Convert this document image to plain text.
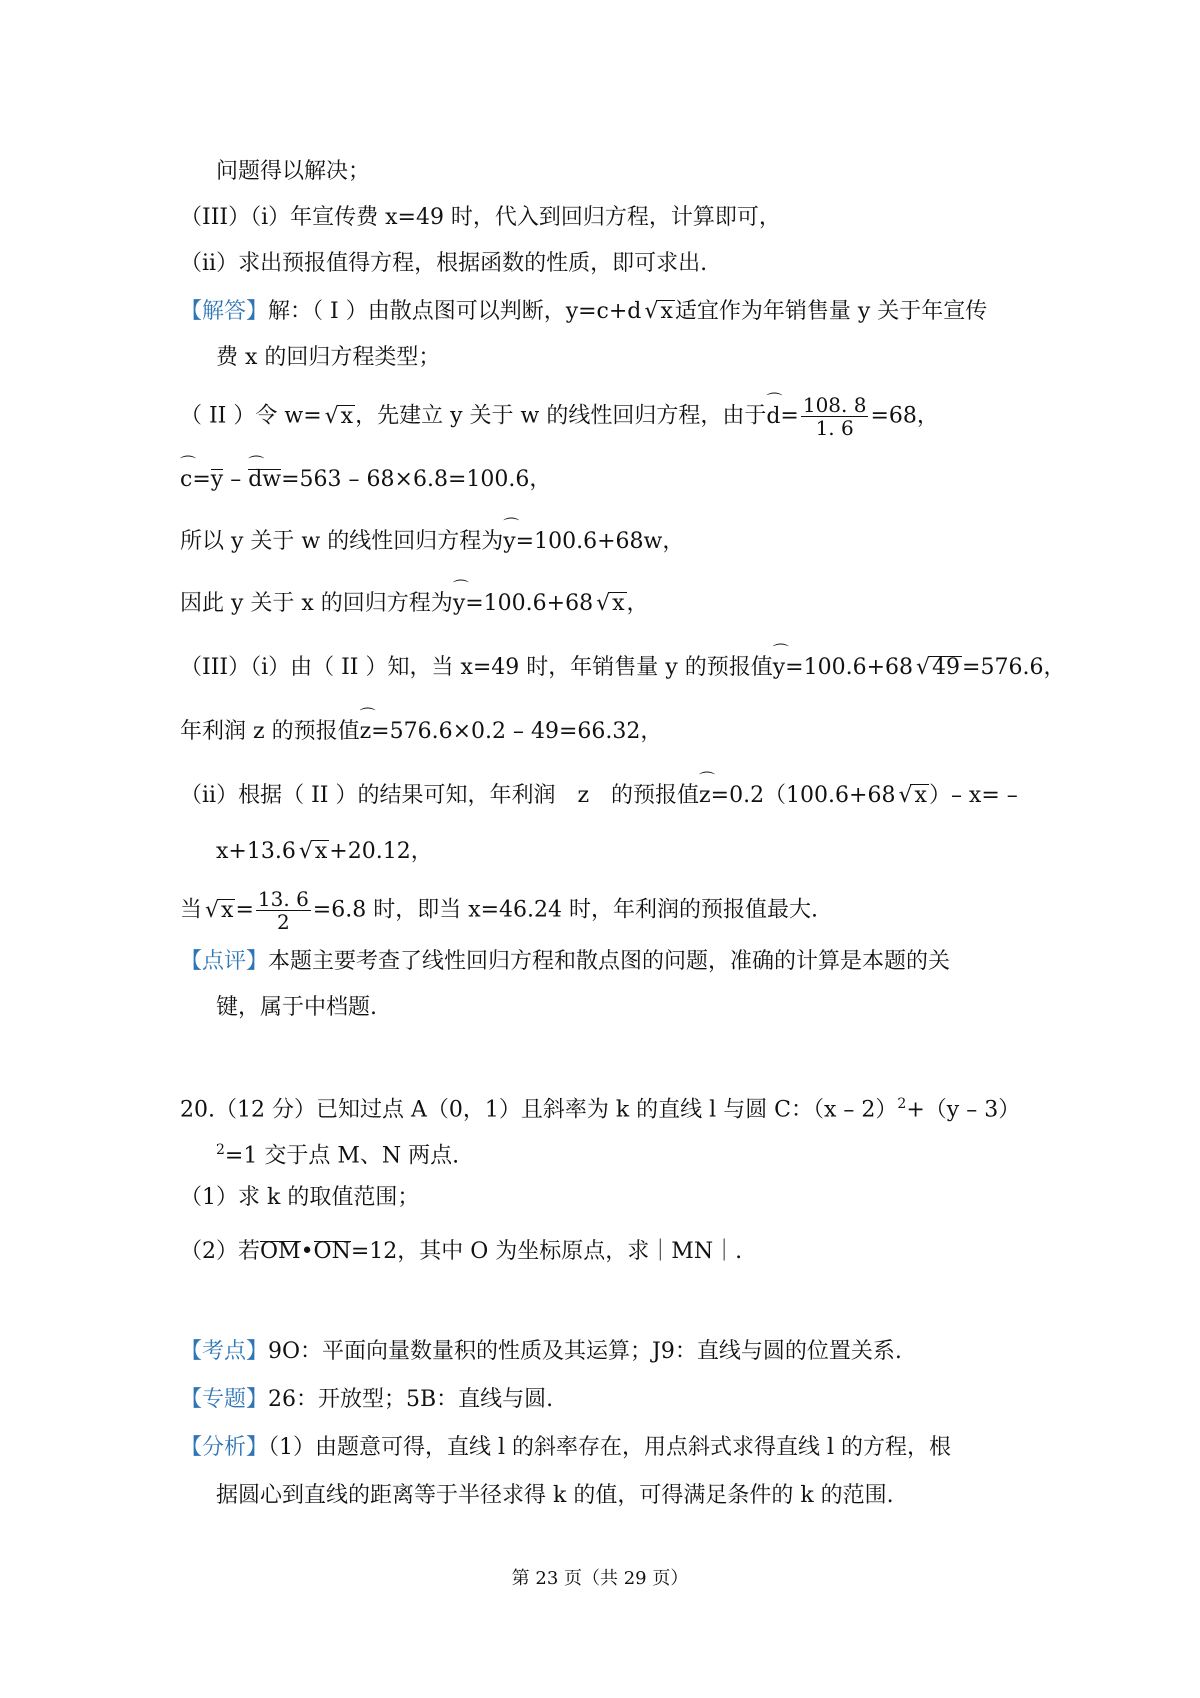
问题得以解决；
（III）（i）年宣传费 x=49 时，代入到回归方程，计算即可，
（ii）求出预报值得方程，根据函数的性质，即可求出.
【解答】解：（ I ）由散点图可以判断，y=c+d √ x适宜作为年销售量 y 关于年宣传
费 x 的回归方程类型；
（ II ）令 w= √ x，先建立 y 关于 w 的线性回归方程，由于⌒ $d= \frac{108. 8}{1. 6} =68$，
⌒ c=y – ⌒ dw=563 – 68×6.8=100.6，
所以 y 关于 w 的线性回归方程为⌒ y=100.6+68w，
因此 y 关于 x 的回归方程为⌒ y=100.6+68 √ x，
（III）（i）由（ II ）知，当 x=49 时，年销售量 y 的预报值⌒ y=100.6+68 √ 49=576.6，
年利润 z 的预报值⌒ z=576.6×0.2 – 49=66.32，
（ii）根据（ II ）的结果可知，年利润　z　的预报值⌒ z=0.2（100.6+68 √ x）– x= –
x+13.6 √ x+20.12，
当 √ $x= \frac{13. 6}{2} =6.8$ 时，即当 x=46.24 时，年利润的预报值最大.
【点评】本题主要考查了线性回归方程和散点图的问题，准确的计算是本题的关
键，属于中档题.
20.（12 分）已知过点 A（0，1）且斜率为 k 的直线 l 与圆 C：（x – 2）$^2$+（y – 3）
$^2$=1 交于点 M、N 两点.
（1）求 k 的取值范围；
（2）若OM•ON=12，其中 O 为坐标原点，求｜MN｜.
【考点】9O：平面向量数量积的性质及其运算；J9：直线与圆的位置关系.
【专题】26：开放型；5B：直线与圆.
【分析】（1）由题意可得，直线 l 的斜率存在，用点斜式求得直线 l 的方程，根
据圆心到直线的距离等于半径求得 k 的值，可得满足条件的 k 的范围.
第 23 页（共 29 页）
